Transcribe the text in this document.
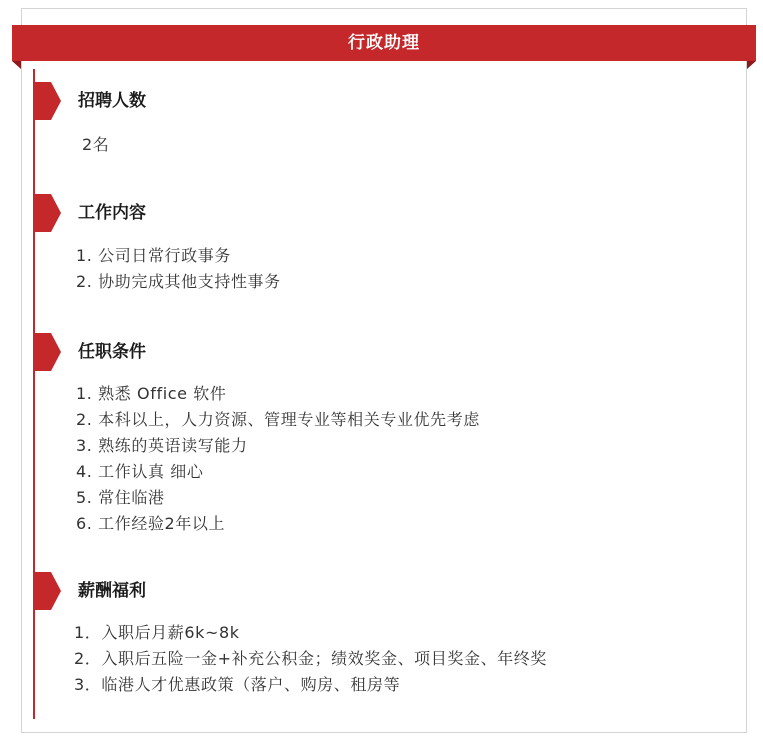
行政助理
招聘人数
2名
工作内容
1. 公司日常行政事务
2. 协助完成其他支持性事务
任职条件
1. 熟悉 Office 软件
2. 本科以上，人力资源、管理专业等相关专业优先考虑
3. 熟练的英语读写能力
4. 工作认真 细心
5. 常住临港
6. 工作经验2年以上
薪酬福利
1．入职后月薪6k~8k
2．入职后五险一金+补充公积金；绩效奖金、项目奖金、年终奖
3．临港人才优惠政策（落户、购房、租房等
